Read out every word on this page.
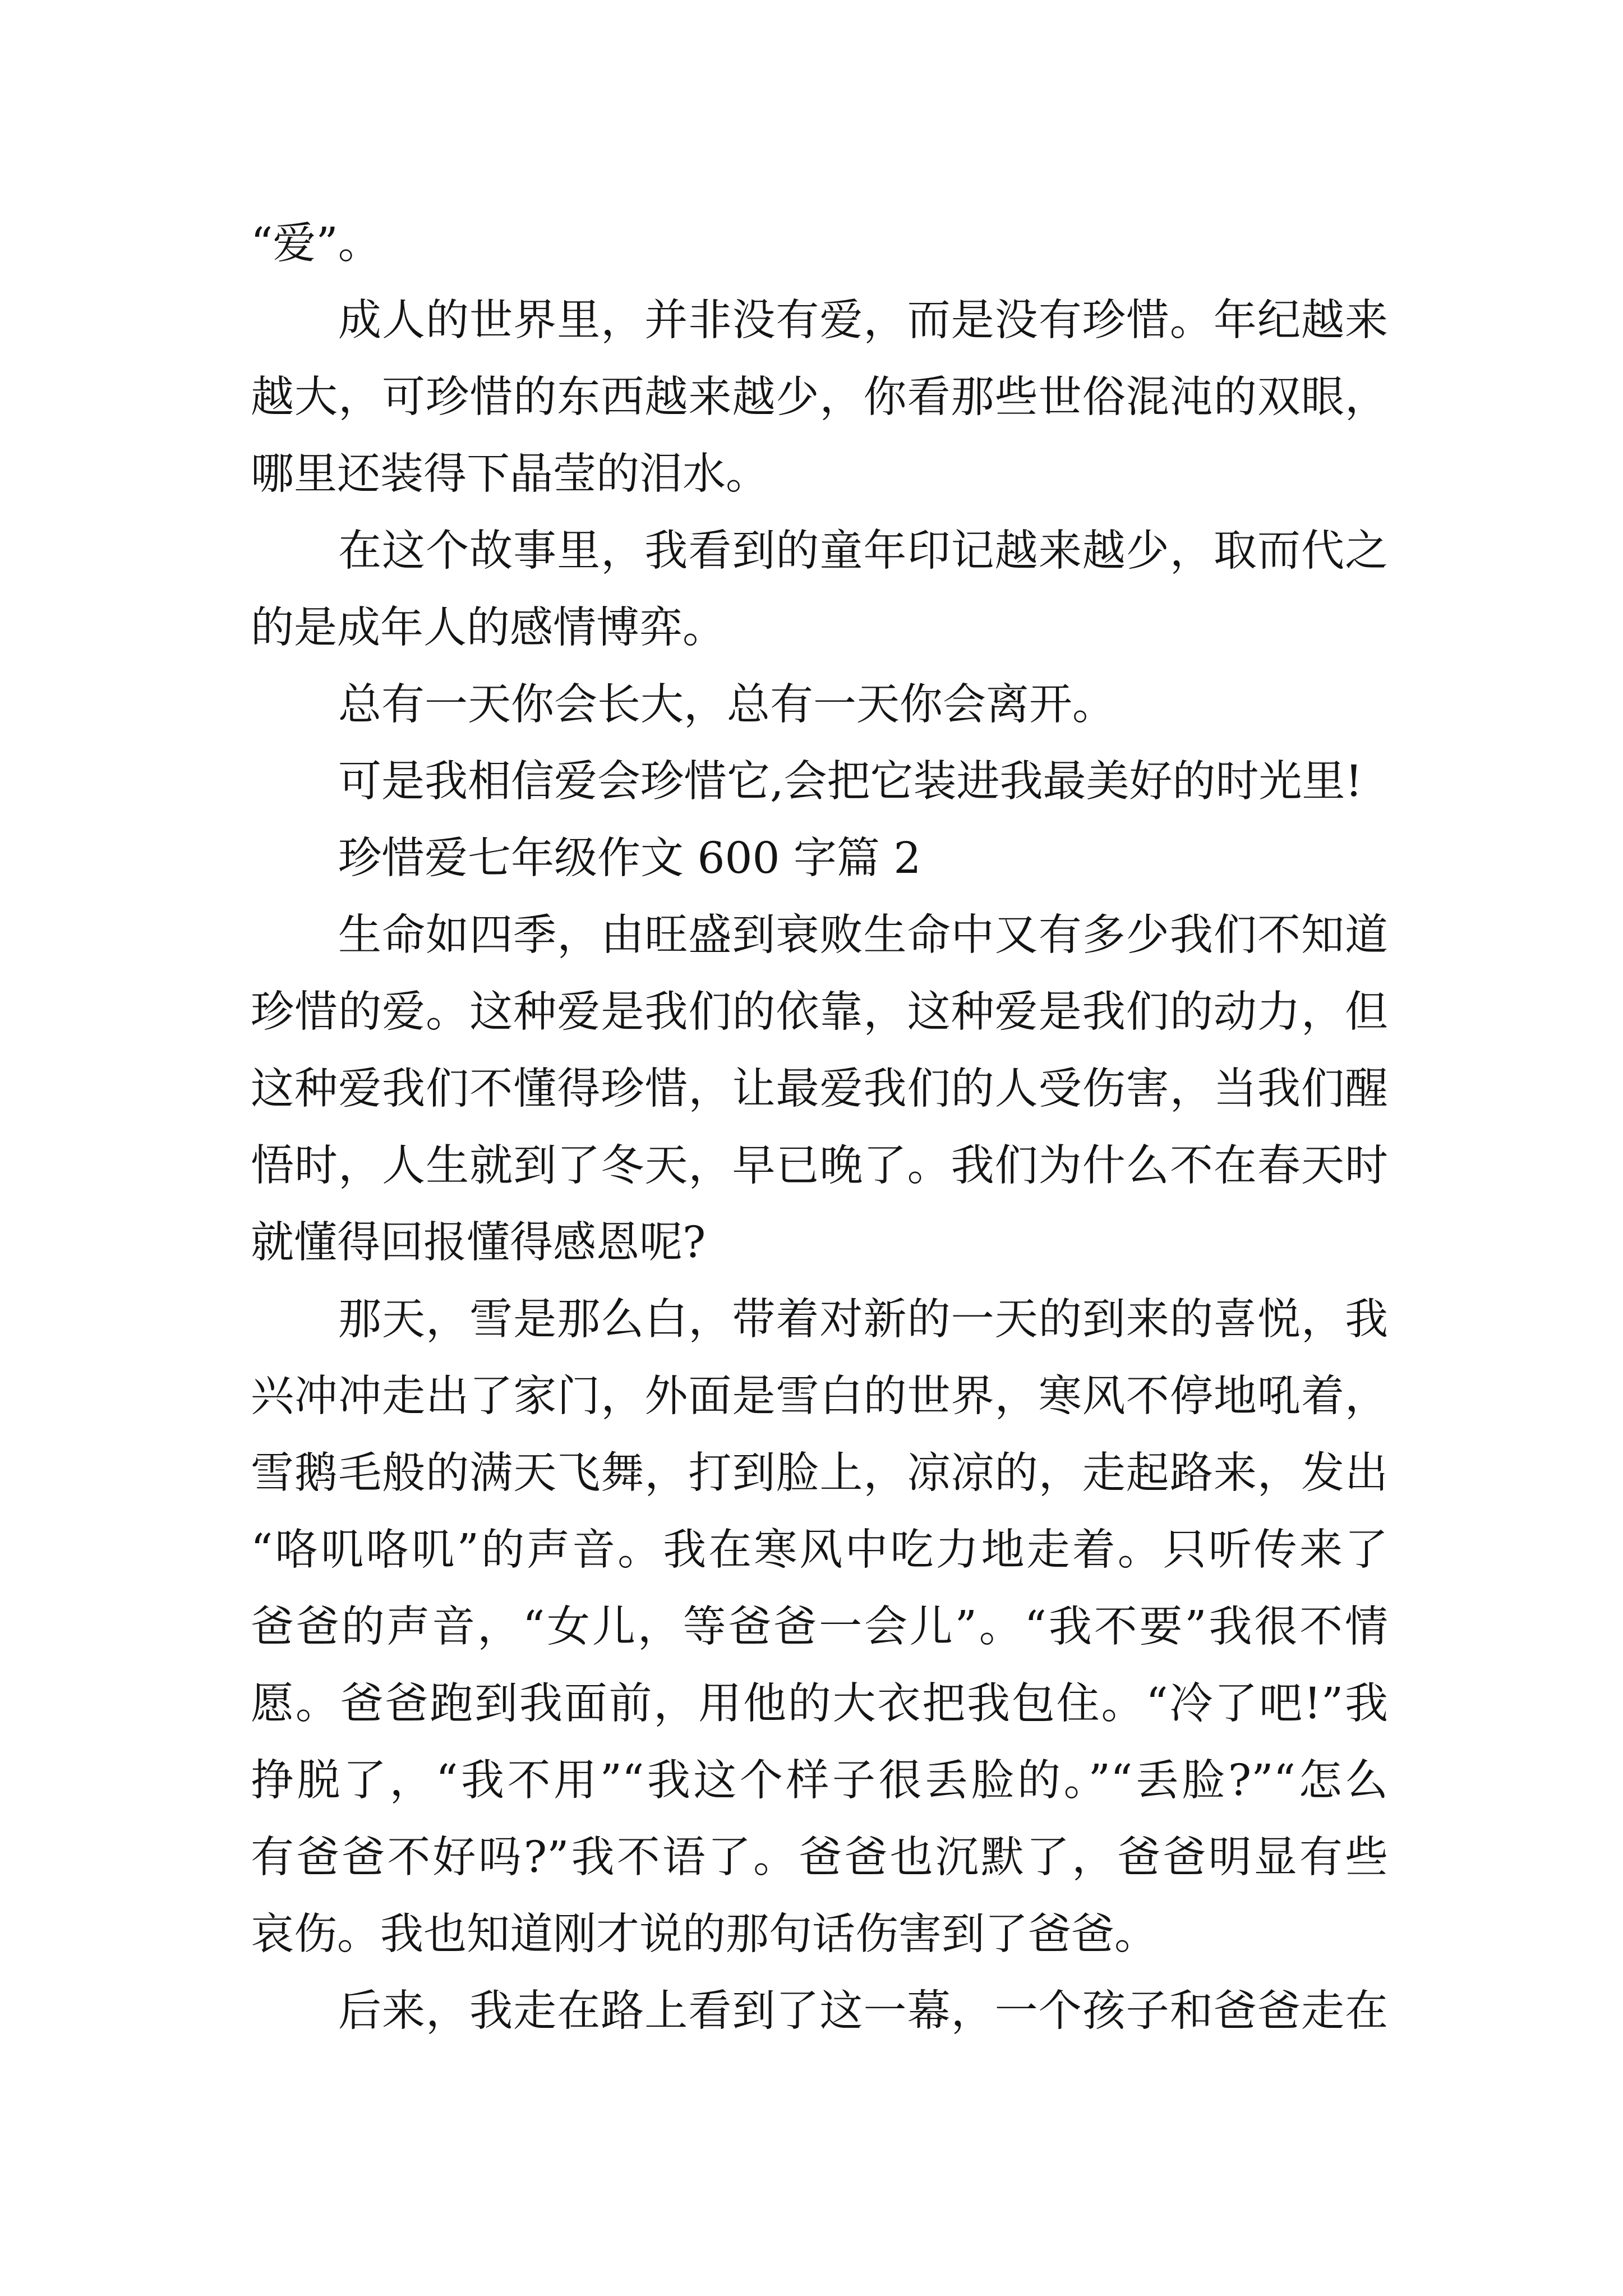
“爱”。
成人的世界里，并非没有爱，而是没有珍惜。年纪越来
越大，可珍惜的东西越来越少，你看那些世俗混沌的双眼，
哪里还装得下晶莹的泪水。
在这个故事里，我看到的童年印记越来越少，取而代之
的是成年人的感情博弈。
总有一天你会长大，总有一天你会离开。
可是我相信爱会珍惜它,会把它装进我最美好的时光里!
珍惜爱七年级作文 600 字篇 2
生命如四季，由旺盛到衰败生命中又有多少我们不知道
珍惜的爱。这种爱是我们的依靠，这种爱是我们的动力，但
这种爱我们不懂得珍惜，让最爱我们的人受伤害，当我们醒
悟时，人生就到了冬天，早已晚了。我们为什么不在春天时
就懂得回报懂得感恩呢?
那天，雪是那么白，带着对新的一天的到来的喜悦，我
兴冲冲走出了家门，外面是雪白的世界，寒风不停地吼着，
雪鹅毛般的满天飞舞，打到脸上，凉凉的，走起路来，发出
“咯叽咯叽”的声音。我在寒风中吃力地走着。只听传来了
爸爸的声音，“女儿，等爸爸一会儿”。“我不要”我很不情
愿。爸爸跑到我面前，用他的大衣把我包住。“冷了吧!”我
挣脱了，“我不用”“我这个样子很丢脸的。”“丢脸?”“怎么
有爸爸不好吗?”我不语了。爸爸也沉默了，爸爸明显有些
哀伤。我也知道刚才说的那句话伤害到了爸爸。
后来，我走在路上看到了这一幕，一个孩子和爸爸走在
